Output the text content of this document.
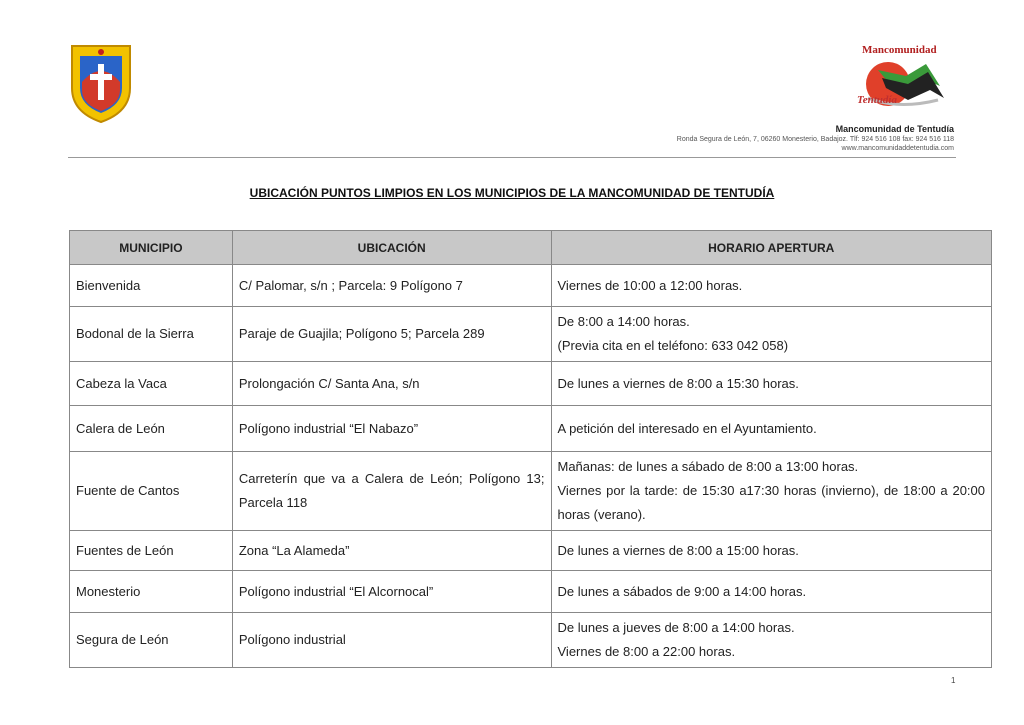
Mancomunidad
Tentudía
Mancomunidad de Tentudía
Ronda Segura de León, 7, 06260 Monesterio, Badajoz. Tlf: 924 516 108 fax: 924 516 118
www.mancomunidaddetentudia.com
UBICACIÓN PUNTOS LIMPIOS EN LOS MUNICIPIOS DE LA MANCOMUNIDAD DE TENTUDÍA
MUNICIPIO	UBICACIÓN	HORARIO APERTURA
Bienvenida	C/ Palomar, s/n ; Parcela: 9 Polígono 7	Viernes de 10:00 a 12:00 horas.
Bodonal de la Sierra	Paraje de Guajila; Polígono 5; Parcela 289	De 8:00 a 14:00 horas.
(Previa cita en el teléfono: 633 042 058)

Cabeza la Vaca	Prolongación C/ Santa Ana, s/n	De lunes a viernes de 8:00 a 15:30 horas.
Calera de León	Polígono industrial “El Nabazo”	A petición del interesado en el Ayuntamiento.
Fuente de Cantos	Carreterín que va a Calera de León; Polígono 13; Parcela 118	Mañanas: de lunes a sábado de 8:00 a 13:00 horas.
Viernes por la tarde: de 15:30 a17:30 horas (invierno), de 18:00 a 20:00 horas (verano).

Fuentes de León	Zona “La Alameda”	De lunes a viernes de 8:00 a 15:00 horas.
Monesterio	Polígono industrial “El Alcornocal”	De lunes a sábados de 9:00 a 14:00 horas.
Segura de León	Polígono industrial	De lunes a jueves de 8:00 a 14:00 horas.
Viernes de 8:00 a 22:00 horas.
1
